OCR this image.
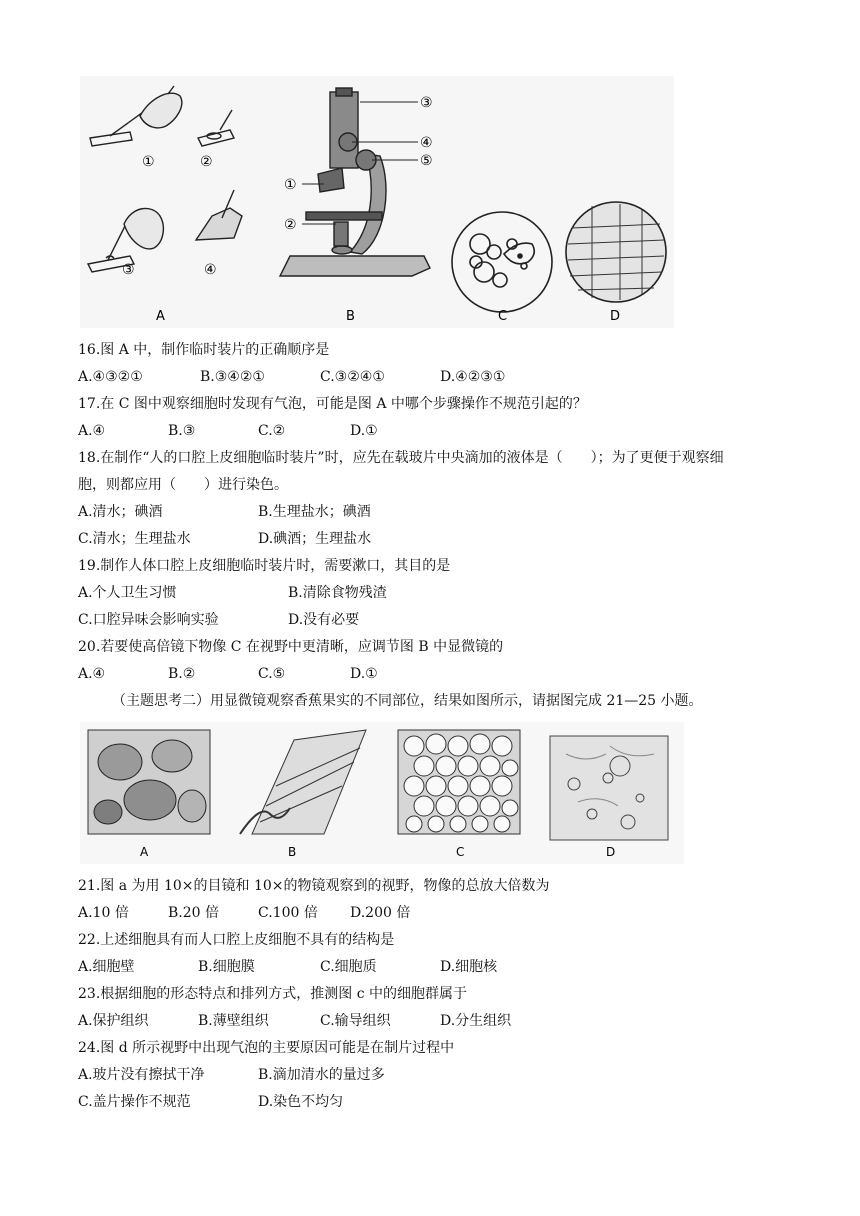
①	②
③	④
A
③
④
⑤
①
②
B	C	D
16.图 A 中，制作临时装片的正确顺序是
A.④③②①	B.③④②①	C.③②④①	D.④②③①
17.在 C 图中观察细胞时发现有气泡，可能是图 A 中哪个步骤操作不规范引起的？
A.④	B.③	C.②	D.①
18.在制作“人的口腔上皮细胞临时装片”时，应先在载玻片中央滴加的液体是（　　）；为了更便于观察细
胞，则都应用（　　）进行染色。
A.清水；碘酒	B.生理盐水；碘酒
C.清水；生理盐水	D.碘酒；生理盐水
19.制作人体口腔上皮细胞临时装片时，需要漱口，其目的是
A.个人卫生习惯	B.清除食物残渣
C.口腔异味会影响实验	D.没有必要
20.若要使高倍镜下物像 C 在视野中更清晰，应调节图 B 中显微镜的
A.④	B.②	C.⑤	D.①
（主题思考二）用显微镜观察香蕉果实的不同部位，结果如图所示，请据图完成 21—25 小题。
A	B	C	D
21.图 a 为用 10×的目镜和 10×的物镜观察到的视野，物像的总放大倍数为
A.10 倍	B.20 倍	C.100 倍 D.200 倍
22.上述细胞具有而人口腔上皮细胞不具有的结构是
A.细胞壁	B.细胞膜	C.细胞质	D.细胞核
23.根据细胞的形态特点和排列方式，推测图 c 中的细胞群属于
A.保护组织	B.薄壁组织	C.输导组织	D.分生组织
24.图 d 所示视野中出现气泡的主要原因可能是在制片过程中
A.玻片没有擦拭干净	B.滴加清水的量过多
C.盖片操作不规范	D.染色不均匀
